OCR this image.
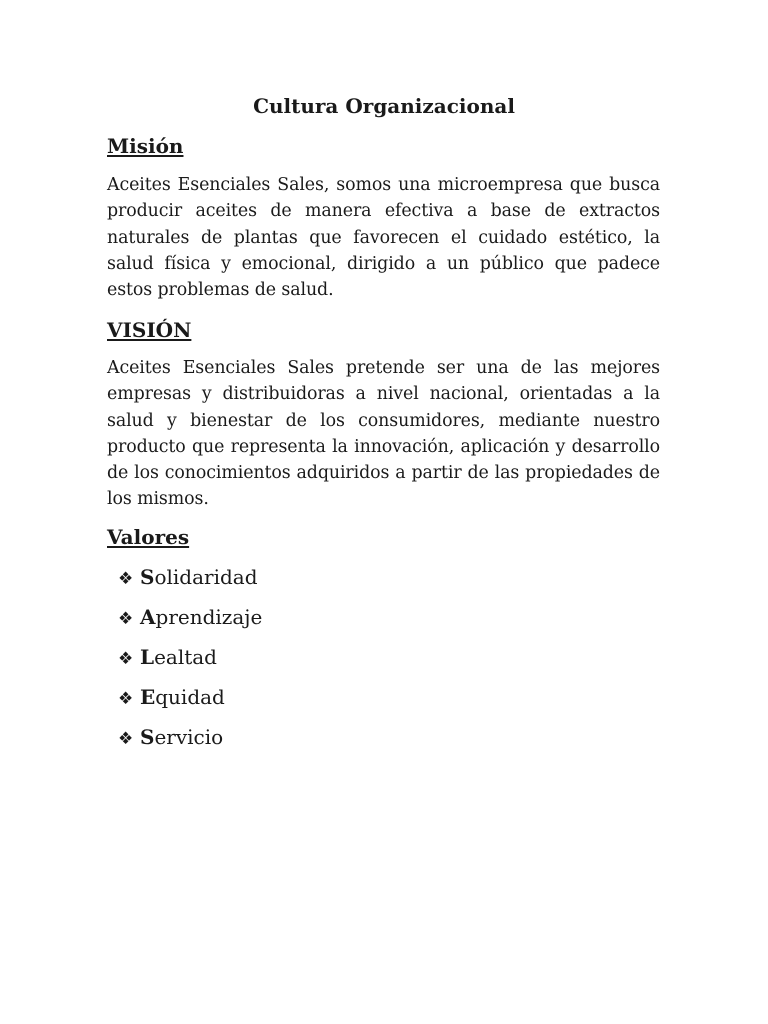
Cultura Organizacional
Misión

Aceites Esenciales Sales, somos una microempresa que busca producir aceites de manera efectiva a base de extractos naturales de plantas que favorecen el cuidado estético, la salud física y emocional, dirigido a un público que padece estos problemas de salud.

VISIÓN

Aceites Esenciales Sales pretende ser una de las mejores empresas y distribuidoras a nivel nacional, orientadas a la salud y bienestar de los consumidores, mediante nuestro producto que representa la innovación, aplicación y desarrollo de los conocimientos adquiridos a partir de las propiedades de los mismos.

Valores
❖ S olidaridad
❖ A prendizaje
❖ L ealtad
❖ E quidad
❖ S ervicio
